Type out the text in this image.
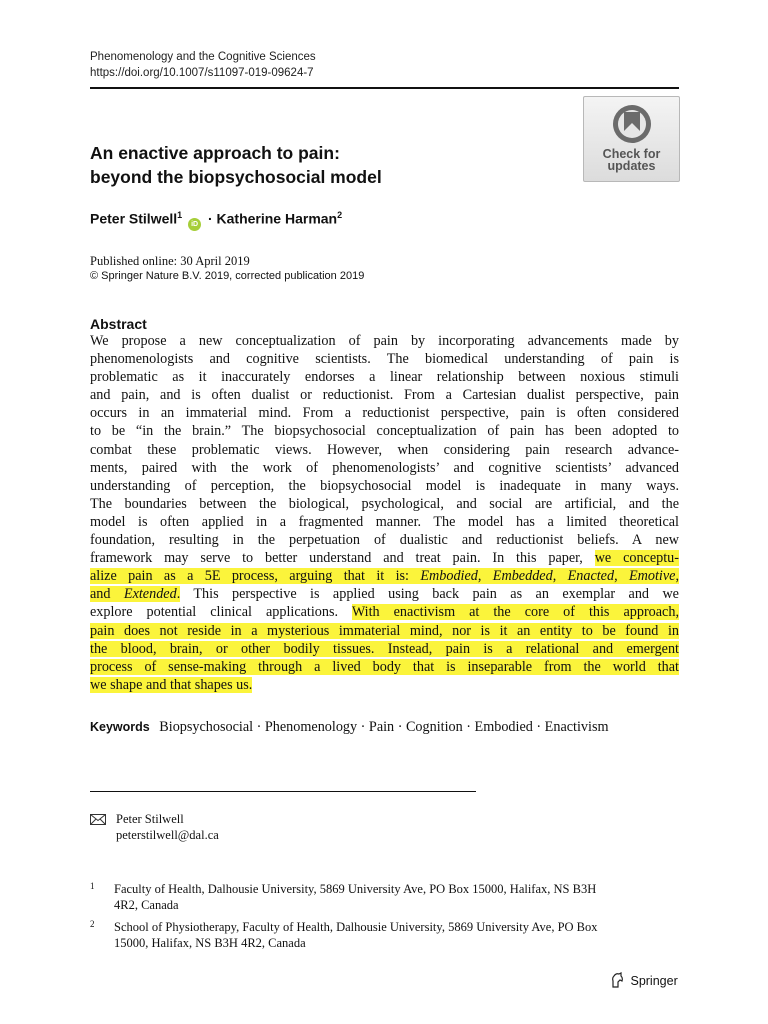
Phenomenology and the Cognitive Sciences
https://doi.org/10.1007/s11097-019-09624-7
Check for
updates
An enactive approach to pain:
beyond the biopsychosocial model
Peter Stilwell$^1$ iD · Katherine Harman$^2$
Published online: 30 April 2019
© Springer Nature B.V. 2019, corrected publication 2019
Abstract
We propose a new conceptualization of pain by incorporating advancements made by
phenomenologists and cognitive scientists. The biomedical understanding of pain is
problematic as it inaccurately endorses a linear relationship between noxious stimuli
and pain, and is often dualist or reductionist. From a Cartesian dualist perspective, pain
occurs in an immaterial mind. From a reductionist perspective, pain is often considered
to be “in the brain.” The biopsychosocial conceptualization of pain has been adopted to
combat these problematic views. However, when considering pain research advance-
ments, paired with the work of phenomenologists’ and cognitive scientists’ advanced
understanding of perception, the biopsychosocial model is inadequate in many ways.
The boundaries between the biological, psychological, and social are artificial, and the
model is often applied in a fragmented manner. The model has a limited theoretical
foundation, resulting in the perpetuation of dualistic and reductionist beliefs. A new
framework may serve to better understand and treat pain. In this paper, we conceptu-
alize pain as a 5E process, arguing that it is: Embodied, Embedded, Enacted, Emotive,
and Extended. This perspective is applied using back pain as an exemplar and we
explore potential clinical applications. With enactivism at the core of this approach,
pain does not reside in a mysterious immaterial mind, nor is it an entity to be found in
the blood, brain, or other bodily tissues. Instead, pain is a relational and emergent
process of sense-making through a lived body that is inseparable from the world that
we shape and that shapes us.
Keywords Biopsychosocial · Phenomenology · Pain · Cognition · Embodied · Enactivism
Peter Stilwell
peterstilwell@dal.ca
1 Faculty of Health, Dalhousie University, 5869 University Ave, PO Box 15000, Halifax, NS B3H
4R2, Canada
2 School of Physiotherapy, Faculty of Health, Dalhousie University, 5869 University Ave, PO Box
15000, Halifax, NS B3H 4R2, Canada
Springer
